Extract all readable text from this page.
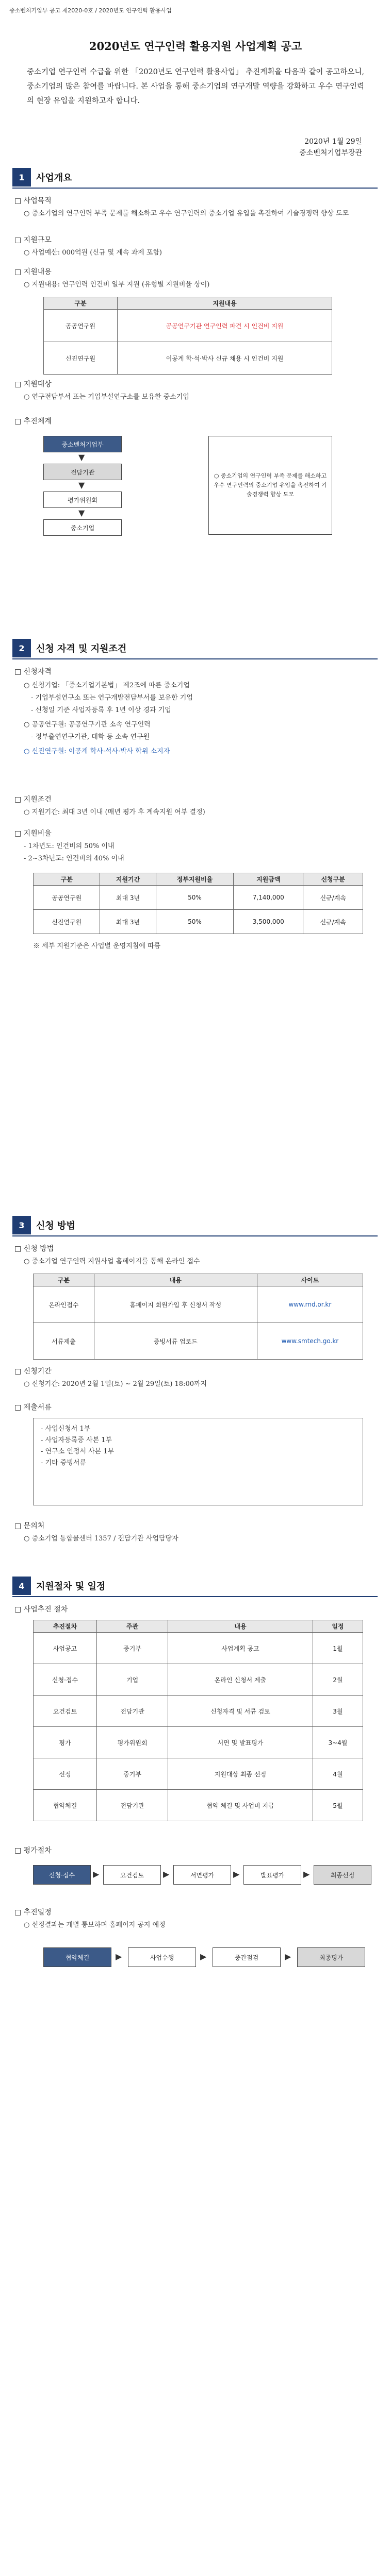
중소벤처기업부 공고 제2020-0호 / 2020년도 연구인력 활용사업
2020년도 연구인력 활용지원 사업계획 공고
중소기업 연구인력 수급을 위한 「2020년도 연구인력 활용사업」 추진계획을 다음과 같이 공고하오니, 중소기업의 많은 참여를 바랍니다. 본 사업을 통해 중소기업의 연구개발 역량을 강화하고 우수 연구인력의 현장 유입을 지원하고자 합니다.
2020년 1월 29일
중소벤처기업부장관
1	사업개요
□ 사업목적
○ 중소기업의 연구인력 부족 문제를 해소하고 우수 연구인력의 중소기업 유입을 촉진하여 기술경쟁력 향상 도모
□ 지원규모
○ 사업예산: 000억원 (신규 및 계속 과제 포함)
□ 지원내용
○ 지원내용: 연구인력 인건비 일부 지원 (유형별 지원비율 상이)
구분	지원내용
공공연구원	공공연구기관 연구인력 파견 시 인건비 지원
신진연구원	이공계 학·석·박사 신규 채용 시 인건비 지원
□ 지원대상
○ 연구전담부서 또는 기업부설연구소를 보유한 중소기업
□ 추진체계
중소벤처기업부
▼
전담기관
▼
평가위원회
▼
중소기업
○ 중소기업의 연구인력 부족 문제를 해소하고 우수 연구인력의 중소기업 유입을 촉진하여 기술경쟁력 향상 도모
2	신청 자격 및 지원조건
□ 신청자격
○ 신청기업: 「중소기업기본법」 제2조에 따른 중소기업
- 기업부설연구소 또는 연구개발전담부서를 보유한 기업
- 신청일 기준 사업자등록 후 1년 이상 경과 기업
○ 공공연구원: 공공연구기관 소속 연구인력
- 정부출연연구기관, 대학 등 소속 연구원
○ 신진연구원: 이공계 학사·석사·박사 학위 소지자
□ 지원조건
○ 지원기간: 최대 3년 이내 (매년 평가 후 계속지원 여부 결정)
□ 지원비율
- 1차년도: 인건비의 50% 이내
- 2~3차년도: 인건비의 40% 이내
구분	지원기간	정부지원비율	지원금액	신청구분
공공연구원	최대 3년	50%	7,140,000	신규/계속
신진연구원	최대 3년	50%	3,500,000	신규/계속
※ 세부 지원기준은 사업별 운영지침에 따름
3	신청 방법
□ 신청 방법
○ 중소기업 연구인력 지원사업 홈페이지를 통해 온라인 접수
구분	내용	사이트
온라인접수	홈페이지 회원가입 후 신청서 작성	www.rnd.or.kr
서류제출	증빙서류 업로드	www.smtech.go.kr
□ 신청기간
○ 신청기간: 2020년 2월 1일(토) ~ 2월 29일(토) 18:00까지
□ 제출서류
- 사업신청서 1부
- 사업자등록증 사본 1부
- 연구소 인정서 사본 1부
- 기타 증빙서류
□ 문의처
○ 중소기업 통합콜센터 1357 / 전담기관 사업담당자
4	지원절차 및 일정
□ 사업추진 절차
추진절차	주관	내용	일정
사업공고	중기부	사업계획 공고	1월
신청·접수	기업	온라인 신청서 제출	2월
요건검토	전담기관	신청자격 및 서류 검토	3월
평가	평가위원회	서면 및 발표평가	3~4월
선정	중기부	지원대상 최종 선정	4월
협약체결	전담기관	협약 체결 및 사업비 지급	5월
□ 평가절차
신청·접수	▶	요건검토	▶	서면평가	▶	발표평가	▶	최종선정
□ 추진일정
○ 선정결과는 개별 통보하며 홈페이지 공지 예정
협약체결	▶	사업수행	▶	중간점검	▶	최종평가
